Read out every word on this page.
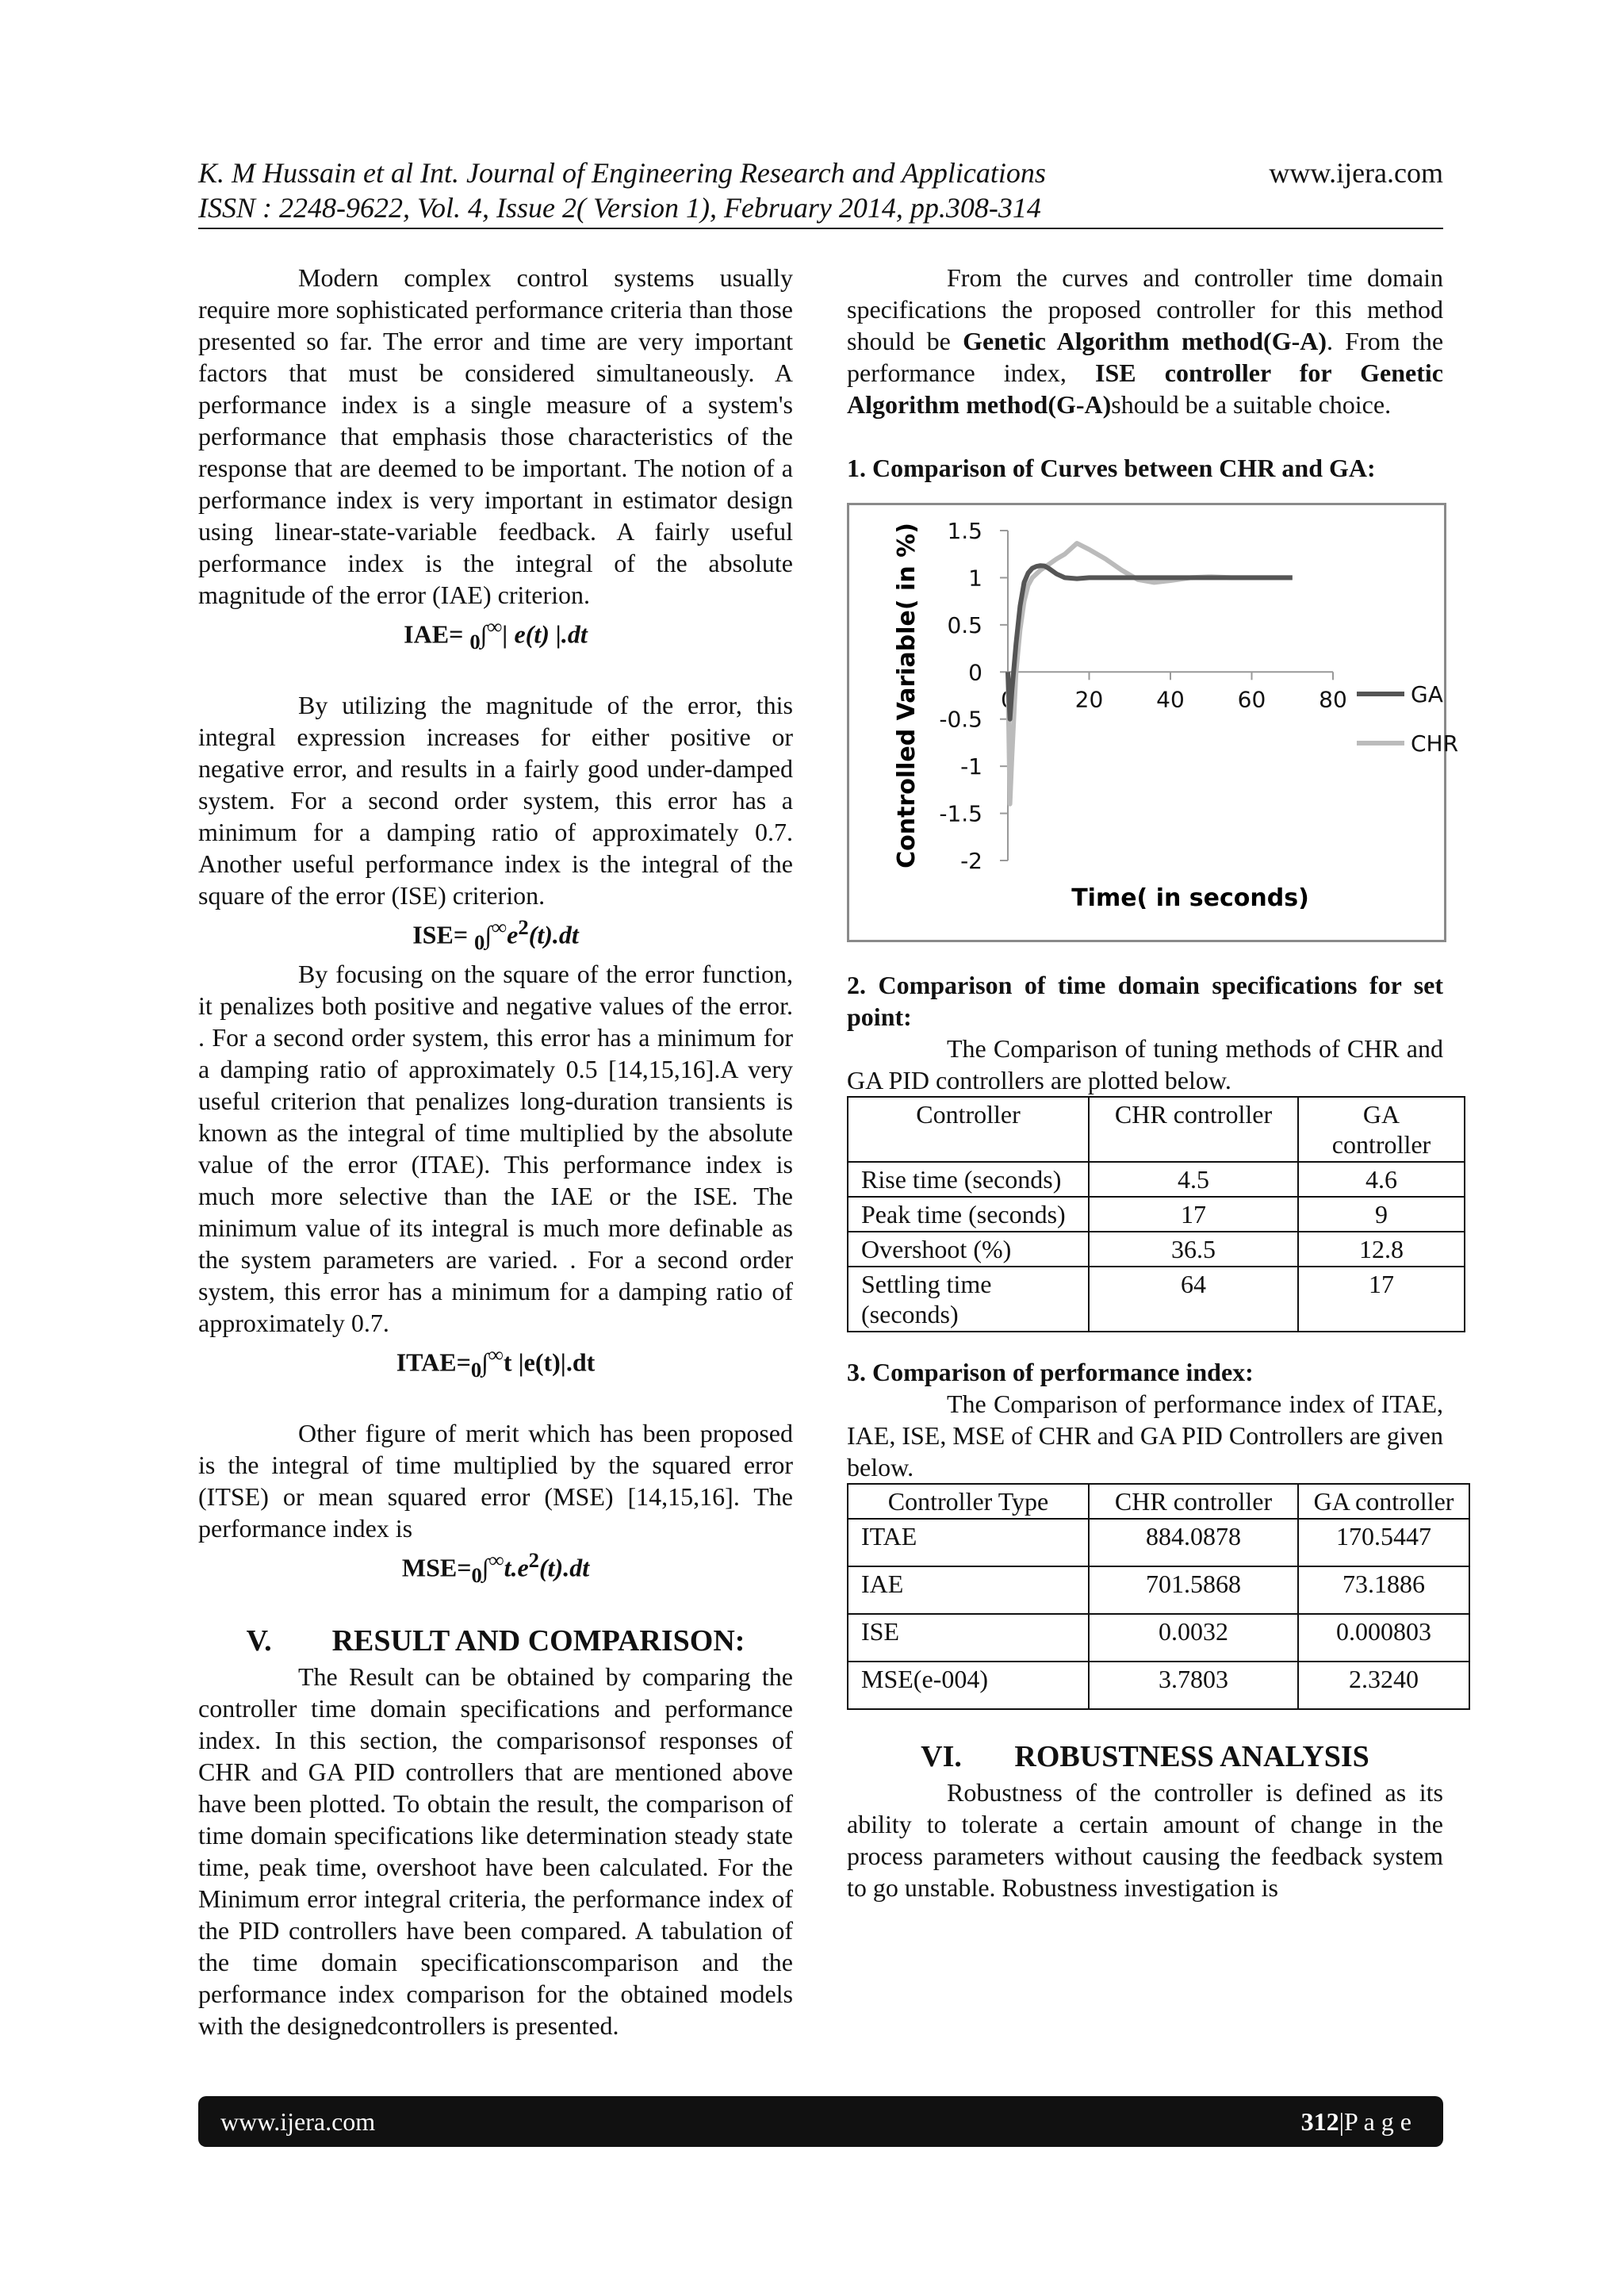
K. M Hussain et al Int. Journal of Engineering Research and Applications
ISSN : 2248-9622, Vol. 4, Issue 2( Version 1), February 2014, pp.308-314
www.ijera.com

Modern complex control systems usually require more sophisticated performance criteria than those presented so far. The error and time are very important factors that must be considered simultaneously. A performance index is a single measure of a system's performance that emphasis those characteristics of the response that are deemed to be important. The notion of a performance index is very important in estimator design using linear-state-variable feedback. A fairly useful performance index is the integral of the absolute magnitude of the error (IAE) criterion.

IAE= $_0$∫∞| e(t) |.dt

By utilizing the magnitude of the error, this integral expression increases for either positive or negative error, and results in a fairly good under-damped system. For a second order system, this error has a minimum for a damping ratio of approximately 0.7. Another useful performance index is the integral of the square of the error (ISE) criterion.

$ISE= _0\int^\infty e^2(t).dt$

By focusing on the square of the error function, it penalizes both positive and negative values of the error. . For a second order system, this error has a minimum for a damping ratio of approximately 0.5 [14,15,16].A very useful criterion that penalizes long-duration transients is known as the integral of time multiplied by the absolute value of the error (ITAE). This performance index is much more selective than the IAE or the ISE. The minimum value of its integral is much more definable as the system parameters are varied. . For a second order system, this error has a minimum for a damping ratio of approximately 0.7.

$ITAE=_0\int^\infty t$ |e(t)|.dt

Other figure of merit which has been proposed is the integral of time multiplied by the squared error (ITSE) or mean squared error (MSE) [14,15,16]. The performance index is

$MSE=_0\int^\infty t.e^2(t).dt$

V.        RESULT AND COMPARISON:

The Result can be obtained by comparing the controller time domain specifications and performance index. In this section, the comparisonsof responses of CHR and GA PID controllers that are mentioned above have been plotted. To obtain the result, the comparison of time domain specifications like determination steady state time, peak time, overshoot have been calculated. For the Minimum error integral criteria, the performance index of the PID controllers have been compared. A tabulation of the time domain specificationscomparison and the performance index comparison for the obtained models with the designedcontrollers is presented.

From the curves and controller time domain specifications the proposed controller for this method should be Genetic Algorithm method(G-A). From the performance index, ISE controller for Genetic Algorithm method(G-A)should be a suitable choice.

1. Comparison of Curves between CHR and GA:

1.5
1
0.5
0
-0.5
-1
-1.5
-2
0	20 40 60 80	GA
CHR
Controlled Variable( in %)
Time( in seconds)

2. Comparison of time domain specifications for set point:

The Comparison of tuning methods of CHR and GA PID controllers are plotted below.

Controller	CHR controller	GA controller
Rise time (seconds)	4.5	4.6
Peak time (seconds)	17	9
Overshoot (%)	36.5	12.8
Settling time (seconds)	64	17

3. Comparison of performance index:

The Comparison of performance index of ITAE, IAE, ISE, MSE of CHR and GA PID Controllers are given below.

Controller Type	CHR controller	GA controller
ITAE	884.0878	170.5447
IAE	701.5868	73.1886
ISE	0.0032	0.000803
MSE(e-004)	3.7803	2.3240
VI.       ROBUSTNESS ANALYSIS

Robustness of the controller is defined as its ability to tolerate a certain amount of change in the process parameters without causing the feedback system to go unstable. Robustness investigation is

www.ijera.com	312|P a g e
